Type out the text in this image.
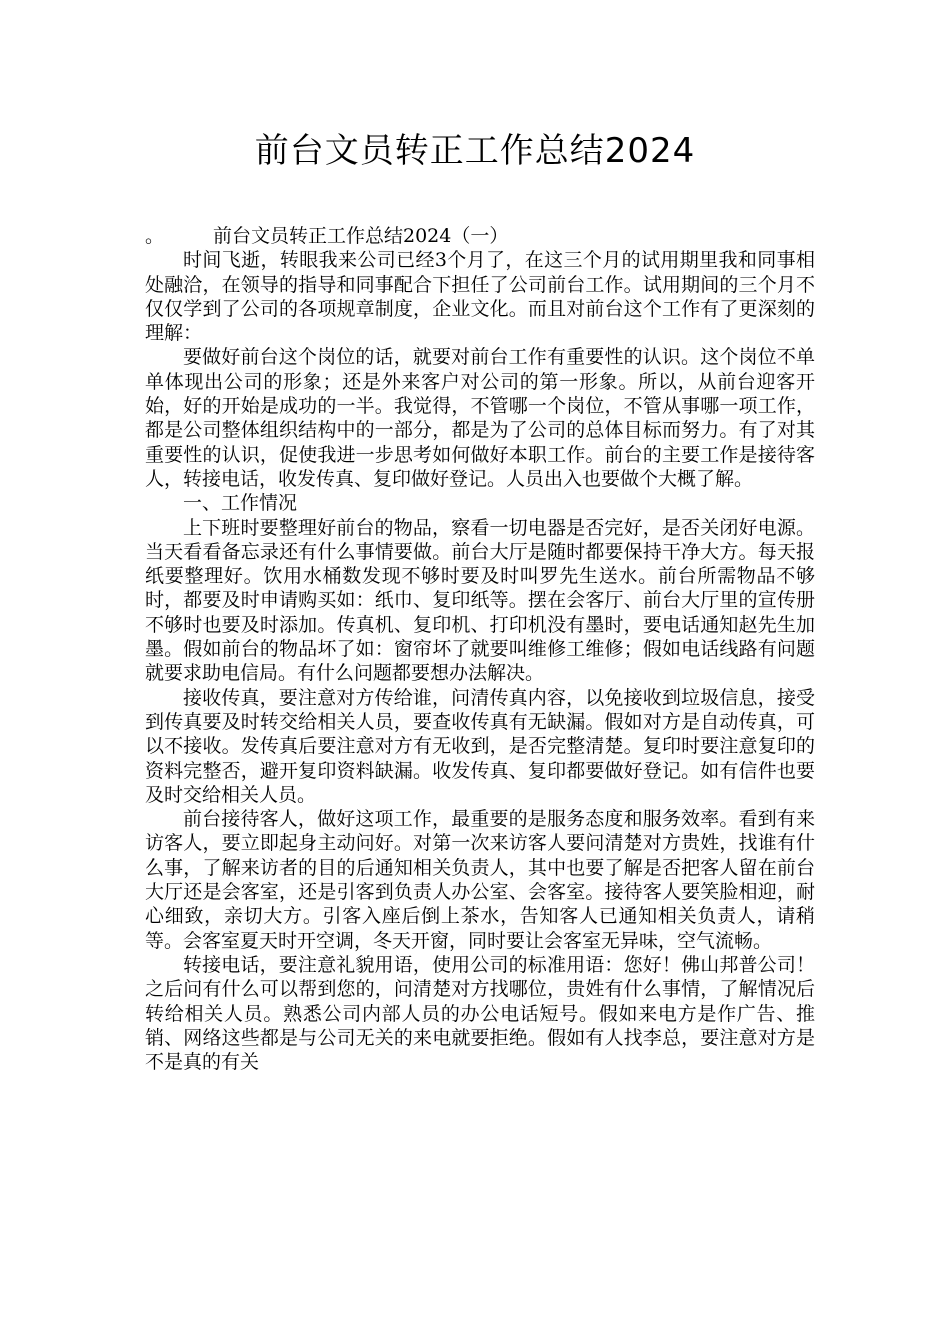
前台文员转正工作总结2024

。	前台文员转正工作总结2024（一）

时间飞逝，转眼我来公司已经3个月了，在这三个月的试用期里我和同事相处融洽，在领导的指导和同事配合下担任了公司前台工作。试用期间的三个月不仅仅学到了公司的各项规章制度，企业文化。而且对前台这个工作有了更深刻的理解：

要做好前台这个岗位的话，就要对前台工作有重要性的认识。这个岗位不单单体现出公司的形象；还是外来客户对公司的第一形象。所以，从前台迎客开始，好的开始是成功的一半。我觉得，不管哪一个岗位，不管从事哪一项工作，都是公司整体组织结构中的一部分，都是为了公司的总体目标而努力。有了对其重要性的认识，促使我进一步思考如何做好本职工作。前台的主要工作是接待客人，转接电话，收发传真、复印做好登记。人员出入也要做个大概了解。

一、工作情况

上下班时要整理好前台的物品，察看一切电器是否完好，是否关闭好电源。当天看看备忘录还有什么事情要做。前台大厅是随时都要保持干净大方。每天报纸要整理好。饮用水桶数发现不够时要及时叫罗先生送水。前台所需物品不够时，都要及时申请购买如：纸巾、复印纸等。摆在会客厅、前台大厅里的宣传册不够时也要及时添加。传真机、复印机、打印机没有墨时，要电话通知赵先生加墨。假如前台的物品坏了如：窗帘坏了就要叫维修工维修；假如电话线路有问题就要求助电信局。有什么问题都要想办法解决。

接收传真，要注意对方传给谁，问清传真内容，以免接收到垃圾信息，接受到传真要及时转交给相关人员，要查收传真有无缺漏。假如对方是自动传真，可以不接收。发传真后要注意对方有无收到，是否完整清楚。复印时要注意复印的资料完整否，避开复印资料缺漏。收发传真、复印都要做好登记。如有信件也要及时交给相关人员。

前台接待客人，做好这项工作，最重要的是服务态度和服务效率。看到有来访客人，要立即起身主动问好。对第一次来访客人要问清楚对方贵姓，找谁有什么事，了解来访者的目的后通知相关负责人，其中也要了解是否把客人留在前台大厅还是会客室，还是引客到负责人办公室、会客室。接待客人要笑脸相迎，耐心细致，亲切大方。引客入座后倒上茶水，告知客人已通知相关负责人，请稍等。会客室夏天时开空调，冬天开窗，同时要让会客室无异味，空气流畅。

转接电话，要注意礼貌用语，使用公司的标准用语：您好！佛山邦普公司！之后问有什么可以帮到您的，问清楚对方找哪位，贵姓有什么事情，了解情况后转给相关人员。熟悉公司内部人员的办公电话短号。假如来电方是作广告、推销、网络这些都是与公司无关的来电就要拒绝。假如有人找李总，要注意对方是不是真的有关
